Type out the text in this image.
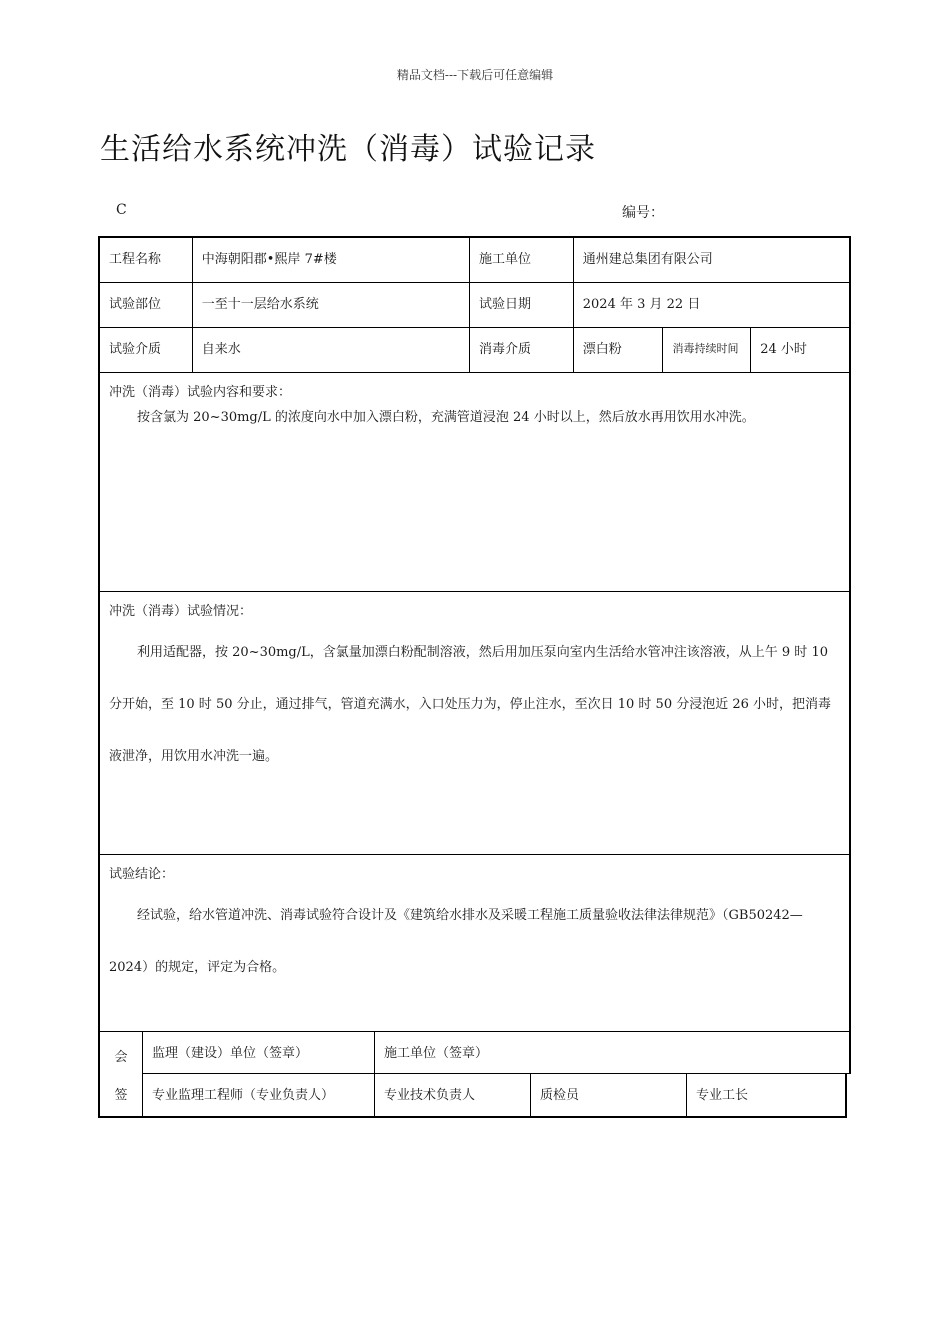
精品文档---下载后可任意编辑
生活给水系统冲洗（消毒）试验记录
C	编号：
工程名称	中海朝阳郡•熙岸 7#楼	施工单位	通州建总集团有限公司
试验部位	一至十一层给水系统	试验日期	2024 年 3 月 22 日
试验介质	自来水	消毒介质	漂白粉	消毒持续时间	24 小时
冲洗（消毒）试验内容和要求：

按含氯为 20~30mg/L 的浓度向水中加入漂白粉，充满管道浸泡 24 小时以上，然后放水再用饮用水冲洗。

冲洗（消毒）试验情况：

利用适配器，按 20~30mg/L，含氯量加漂白粉配制溶液，然后用加压泵向室内生活给水管冲注该溶液，从上午 9 时 10 分开始，至 10 时 50 分止，通过排气，管道充满水，入口处压力为，停止注水，至次日 10 时 50 分浸泡近 26 小时，把消毒液泄净，用饮用水冲洗一遍。

试验结论：

经试验，给水管道冲洗、消毒试验符合设计及《建筑给水排水及采暖工程施工质量验收法律法律规范》（GB50242—2024）的规定，评定为合格。

会
签
监理（建设）单位（签章）	施工单位（签章）
专业监理工程师（专业负责人）	专业技术负责人	质检员	专业工长
